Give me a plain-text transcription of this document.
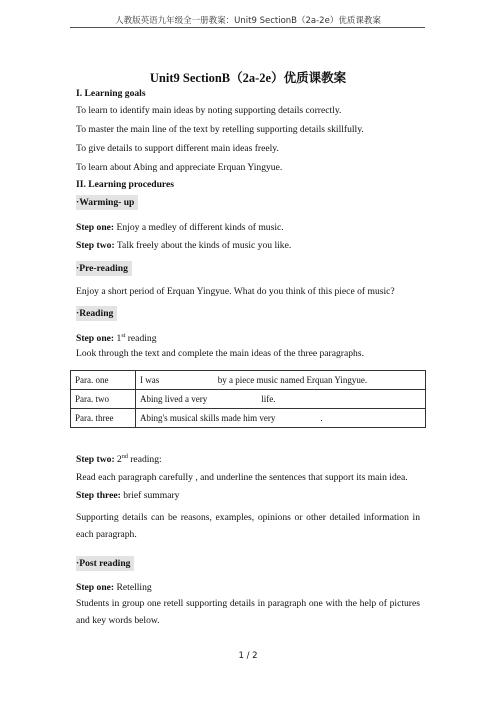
人教版英语九年级全一册教案：Unit9 SectionB（2a-2e）优质课教案
Unit9 SectionB（2a-2e）优质课教案
I. Learning goals
To learn to identify main ideas by noting supporting details correctly.
To master the main line of the text by retelling supporting details skillfully.
To give details to support different main ideas freely.
To learn about Abing and appreciate Erquan Yingyue.
II. Learning procedures
·Warming- up
Step one: Enjoy a medley of different kinds of music.
Step two: Talk freely about the kinds of music you like.
·Pre-reading
Enjoy a short period of Erquan Yingyue. What do you think of this piece of music?
·Reading
Step one: 1st reading
Look through the text and complete the main ideas of the three paragraphs.
Para. one	I was                          by a piece music named Erquan Yingyue.
Para. two	Abing lived a very                        life.
Para. three	Abing's musical skills made him very                    .
Step two: 2nd reading:
Read each paragraph carefully , and underline the sentences that support its main idea.
Step three: brief summary
Supporting details can be reasons, examples, opinions or other detailed information in each paragraph.
·Post reading
Step one: Retelling
Students in group one retell supporting details in paragraph one with the help of pictures and key words below.
1 / 2
